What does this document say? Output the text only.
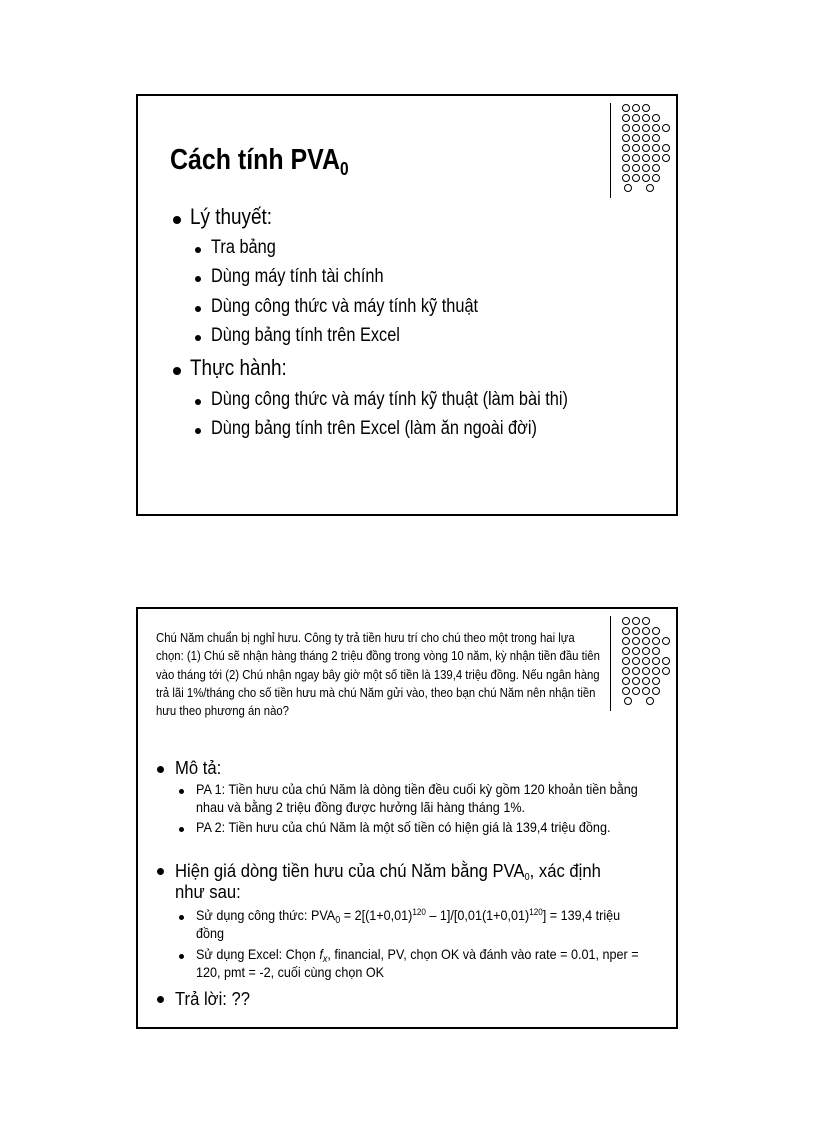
Cách tính $PVA_0$
Lý thuyết:
Tra bảng
Dùng máy tính tài chính
Dùng công thức và máy tính kỹ thuật
Dùng bảng tính trên Excel
Thực hành:
Dùng công thức và máy tính kỹ thuật (làm bài thi)
Dùng bảng tính trên Excel (làm ăn ngoài đời)
Chú Năm chuẩn bị nghỉ hưu. Công ty trả tiền hưu trí cho chú theo một trong hai lựa chọn: (1) Chú sẽ nhận hàng tháng 2 triệu đồng trong vòng 10 năm, kỳ nhận tiền đầu tiên vào tháng tới (2) Chú nhận ngay bây giờ một số tiền là 139,4 triệu đồng. Nếu ngân hàng trả lãi 1%/tháng cho số tiền hưu mà chú Năm gửi vào, theo bạn chú Năm nên nhận tiền hưu theo phương án nào?
Mô tả:
PA 1: Tiền hưu của chú Năm là dòng tiền đều cuối kỳ gồm 120 khoản tiền bằng nhau và bằng 2 triệu đồng được hưởng lãi hàng tháng 1%.
PA 2: Tiền hưu của chú Năm là một số tiền có hiện giá là 139,4 triệu đồng.
Hiện giá dòng tiền hưu của chú Năm bằng PVA0, xác định như sau:
Sử dụng công thức: $PVA_0 = 2[(1+0,01)^{120} - 1]/[0,01(1+0,01)^{120}] = 139,4$ triệu đồng
Sử dụng Excel: Chọn $f_x$, financial, PV, chọn OK và đánh vào rate = 0.01, nper = 120, pmt = -2, cuối cùng chọn OK
Trả lời: ??
